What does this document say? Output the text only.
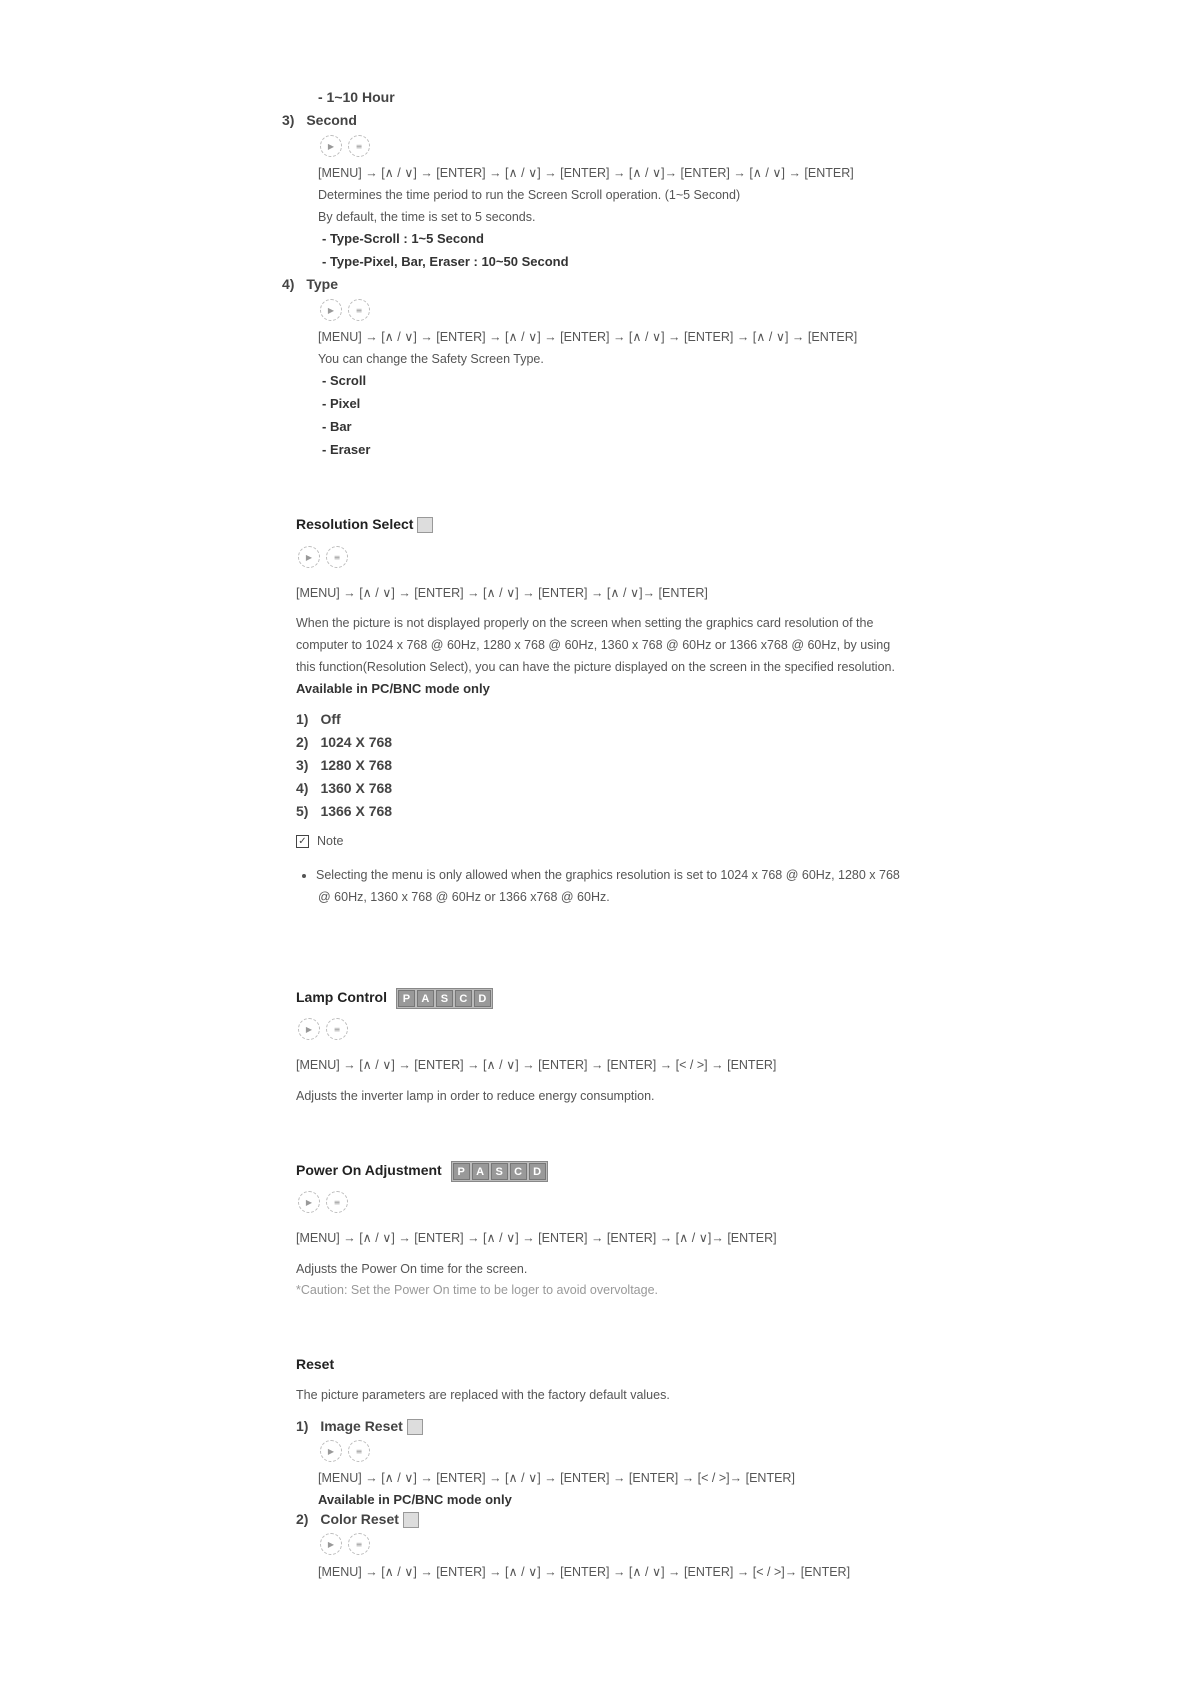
- 1~10 Hour
3) Second
▶	≡
[MENU] → [∧ / ∨] → [ENTER] → [∧ / ∨] → [ENTER] → [∧ / ∨]→ [ENTER] → [∧ / ∨] → [ENTER]
Determines the time period to run the Screen Scroll operation. (1~5 Second)
By default, the time is set to 5 seconds.
- Type-Scroll : 1~5 Second
- Type-Pixel, Bar, Eraser : 10~50 Second
4) Type
▶	≡
[MENU] → [∧ / ∨] → [ENTER] → [∧ / ∨] → [ENTER] → [∧ / ∨] → [ENTER] → [∧ / ∨] → [ENTER]
You can change the Safety Screen Type.
- Scroll
- Pixel
- Bar
- Eraser
Resolution Select
▶	≡
[MENU] → [∧ / ∨] → [ENTER] → [∧ / ∨] → [ENTER] → [∧ / ∨]→ [ENTER]
When the picture is not displayed properly on the screen when setting the graphics card resolution of the
computer to 1024 x 768 @ 60Hz, 1280 x 768 @ 60Hz, 1360 x 768 @ 60Hz or 1366 x768 @ 60Hz, by using
this function(Resolution Select), you can have the picture displayed on the screen in the specified resolution.
Available in PC/BNC mode only
1) Off
2) 1024 X 768
3) 1280 X 768
4) 1360 X 768
5) 1366 X 768
✓ Note
Selecting the menu is only allowed when the graphics resolution is set to 1024 x 768 @ 60Hz, 1280 x 768
@ 60Hz, 1360 x 768 @ 60Hz or 1366 x768 @ 60Hz.
Lamp Control	P	A	S	C	D
▶	≡
[MENU] → [∧ / ∨] → [ENTER] → [∧ / ∨] → [ENTER] → [ENTER] → [< / >] → [ENTER]
Adjusts the inverter lamp in order to reduce energy consumption.
Power On Adjustment	P	A	S	C	D
▶	≡
[MENU] → [∧ / ∨] → [ENTER] → [∧ / ∨] → [ENTER] → [ENTER] → [∧ / ∨]→ [ENTER]
Adjusts the Power On time for the screen.
*Caution: Set the Power On time to be loger to avoid overvoltage.
Reset
The picture parameters are replaced with the factory default values.
1) Image Reset
▶	≡
[MENU] → [∧ / ∨] → [ENTER] → [∧ / ∨] → [ENTER] → [ENTER] → [< / >]→ [ENTER]
Available in PC/BNC mode only
2) Color Reset
▶	≡
[MENU] → [∧ / ∨] → [ENTER] → [∧ / ∨] → [ENTER] → [∧ / ∨] → [ENTER] → [< / >]→ [ENTER]
